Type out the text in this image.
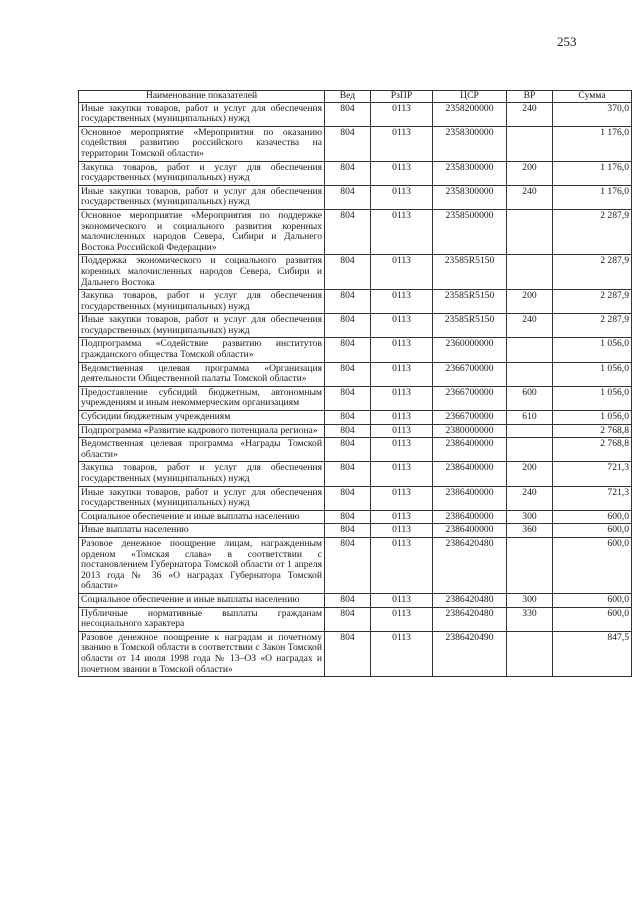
253
Наименование показателей	Вед	РзПР	ЦСР	ВР	Сумма
Иные закупки товаров, работ и услуг для обеспечения государственных (муниципальных) нужд	804	0113	2358200000	240	370,0
Основное мероприятие «Мероприятия по оказанию содействия развитию российского казачества на территории Томской области»	804	0113	2358300000		1 176,0
Закупка товаров, работ и услуг для обеспечения государственных (муниципальных) нужд	804	0113	2358300000	200	1 176,0
Иные закупки товаров, работ и услуг для обеспечения государственных (муниципальных) нужд	804	0113	2358300000	240	1 176,0
Основное мероприятие «Мероприятия по поддержке экономического и социального развития коренных малочисленных народов Севера, Сибири и Дальнего Востока Российской Федерации»	804	0113	2358500000		2 287,9
Поддержка экономического и социального развития коренных малочисленных народов Севера, Сибири и Дальнего Востока	804	0113	23585R5150		2 287,9
Закупка товаров, работ и услуг для обеспечения государственных (муниципальных) нужд	804	0113	23585R5150	200	2 287,9
Иные закупки товаров, работ и услуг для обеспечения государственных (муниципальных) нужд	804	0113	23585R5150	240	2 287,9
Подпрограмма «Содействие развитию институтов гражданского общества Томской области»	804	0113	2360000000		1 056,0
Ведомственная целевая программа «Организация деятельности Общественной палаты Томской области»	804	0113	2366700000		1 056,0
Предоставление субсидий бюджетным, автономным учреждениям и иным некоммерческим организациям	804	0113	2366700000	600	1 056,0
Субсидии бюджетным учреждениям	804	0113	2366700000	610	1 056,0
Подпрограмма «Развитие кадрового потенциала региона»	804	0113	2380000000		2 768,8
Ведомственная целевая программа «Награды Томской области»	804	0113	2386400000		2 768,8
Закупка товаров, работ и услуг для обеспечения государственных (муниципальных) нужд	804	0113	2386400000	200	721,3
Иные закупки товаров, работ и услуг для обеспечения государственных (муниципальных) нужд	804	0113	2386400000	240	721,3
Социальное обеспечение и иные выплаты населению	804	0113	2386400000	300	600,0
Иные выплаты населению	804	0113	2386400000	360	600,0
Разовое денежное поощрение лицам, награжденным орденом «Томская слава» в соответствии с постановлением Губернатора Томской области от 1 апреля 2013 года № 36 «О наградах Губернатора Томской области»	804	0113	2386420480		600,0
Социальное обеспечение и иные выплаты населению	804	0113	2386420480	300	600,0
Публичные нормативные выплаты гражданам несоциального характера	804	0113	2386420480	330	600,0
Разовое денежное поощрение к наградам и почетному званию в Томской области в соответствии с Закон Томской области от 14 июля 1998 года № 13–ОЗ «О наградах и почетном звании в Томской области»	804	0113	2386420490		847,5
